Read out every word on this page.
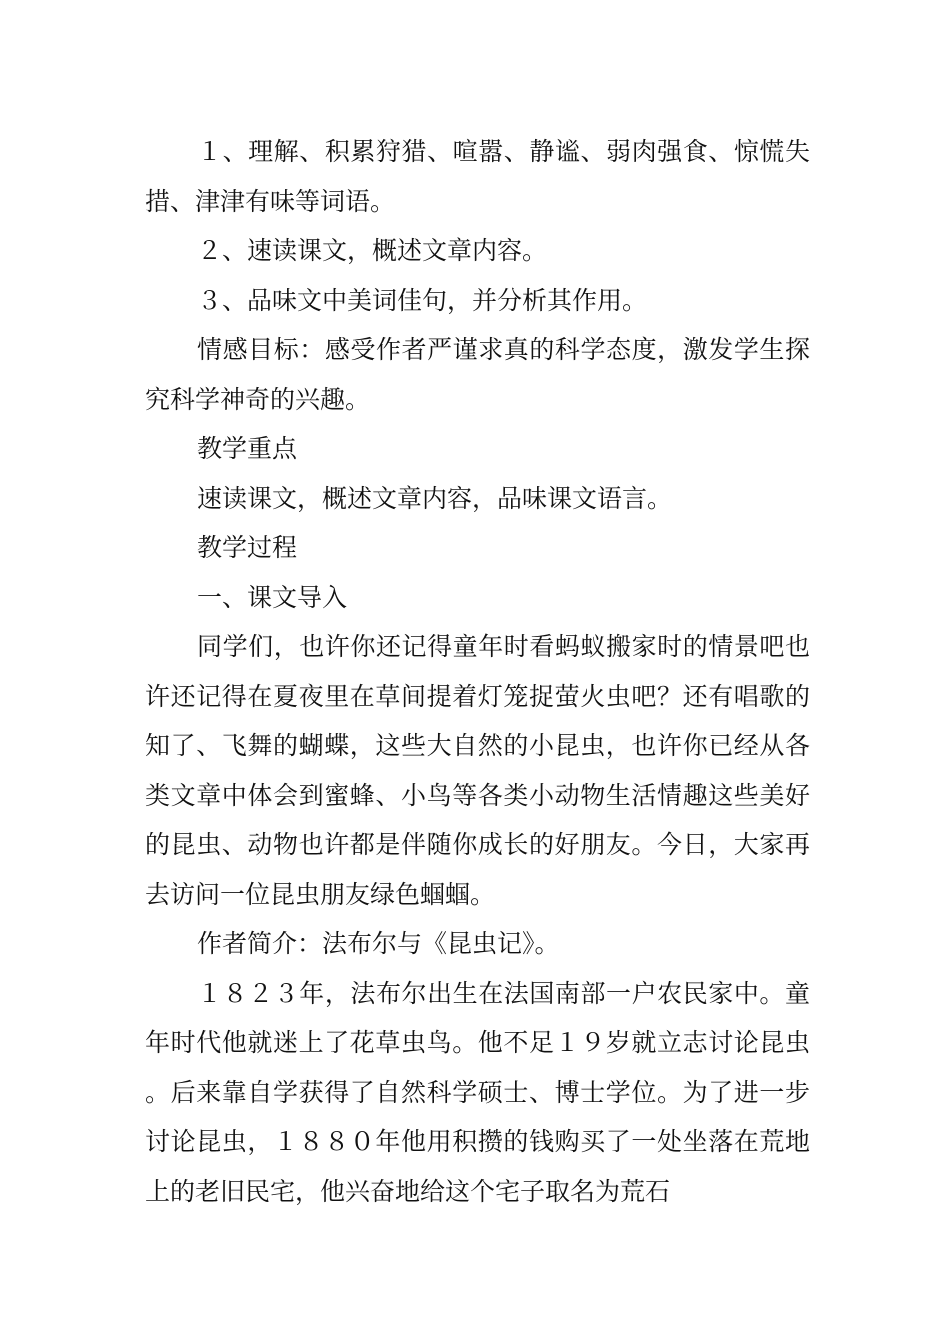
１、理解、积累狩猎、喧嚣、静谧、弱肉强食、惊慌失措、津津有味等词语。

２、速读课文，概述文章内容。

３、品味文中美词佳句，并分析其作用。

情感目标：感受作者严谨求真的科学态度，激发学生探究科学神奇的兴趣。

教学重点

速读课文，概述文章内容，品味课文语言。

教学过程

一、课文导入

同学们，也许你还记得童年时看蚂蚁搬家时的情景吧也许还记得在夏夜里在草间提着灯笼捉萤火虫吧？还有唱歌的知了、飞舞的蝴蝶，这些大自然的小昆虫，也许你已经从各类文章中体会到蜜蜂、小鸟等各类小动物生活情趣这些美好的昆虫、动物也许都是伴随你成长的好朋友。今日，大家再去访问一位昆虫朋友绿色蝈蝈。

作者简介：法布尔与《昆虫记》。

１８２３年，法布尔出生在法国南部一户农民家中。童年时代他就迷上了花草虫鸟。他不足１９岁就立志讨论昆虫。后来靠自学获得了自然科学硕士、博士学位。为了进一步讨论昆虫，１８８０年他用积攒的钱购买了一处坐落在荒地上的老旧民宅，他兴奋地给这个宅子取名为荒石
